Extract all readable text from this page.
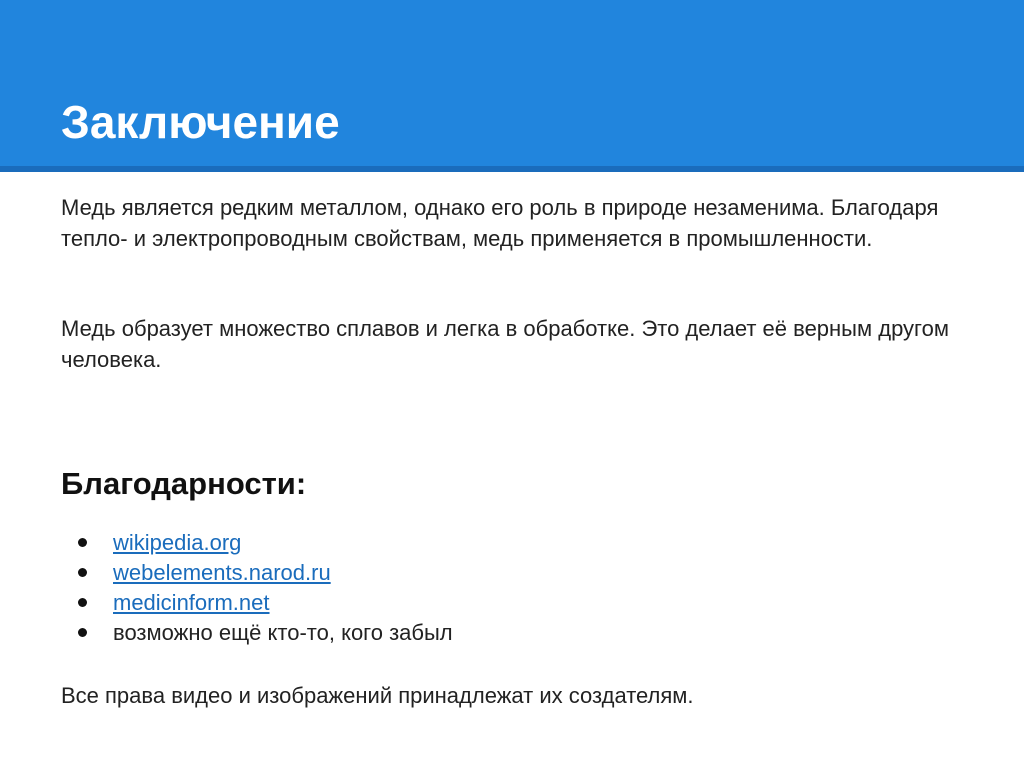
Заключение

Медь является редким металлом, однако его роль в природе незаменима. Благодаря тепло- и электропроводным свойствам, медь применяется в промышленности.

Медь образует множество сплавов и легка в обработке. Это делает её верным другом человека.

Благодарности:
wikipedia.org
webelements.narod.ru
medicinform.net
возможно ещё кто-то, кого забыл

Все права видео и изображений принадлежат их создателям.
